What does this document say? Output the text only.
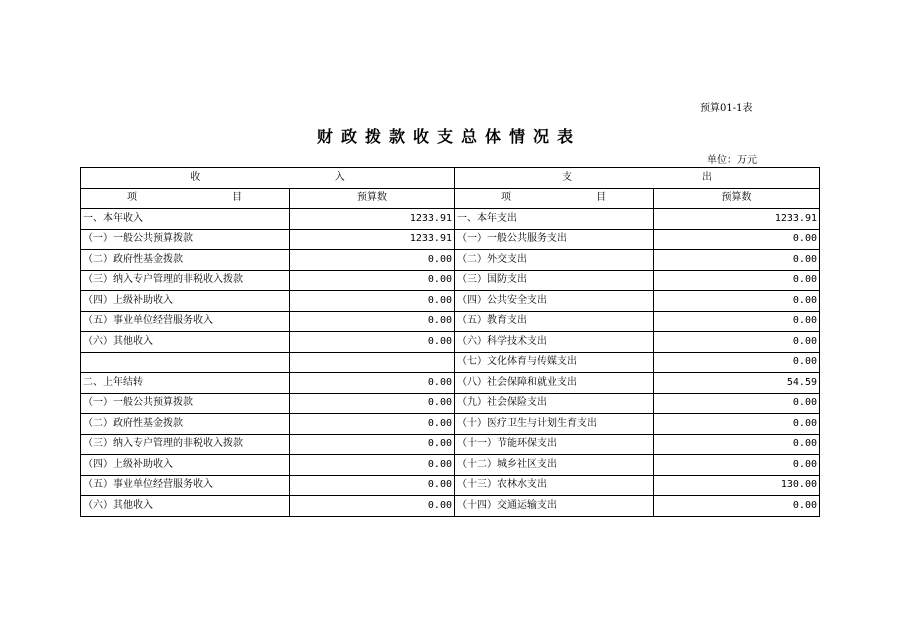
预算01-1表
财政拨款收支总体情况表
单位：万元
收 入		支 出	

项 目	预算数	项 目	预算数
一、本年收入	1233.91	一、本年支出	1233.91
（一）一般公共预算拨款	1233.91	（一）一般公共服务支出	0.00
（二）政府性基金拨款	0.00	（二）外交支出	0.00
（三）纳入专户管理的非税收入拨款	0.00	（三）国防支出	0.00
（四）上级补助收入	0.00	（四）公共安全支出	0.00
（五）事业单位经营服务收入	0.00	（五）教育支出	0.00
（六）其他收入	0.00	（六）科学技术支出	0.00
		（七）文化体育与传媒支出	0.00
二、上年结转	0.00	（八）社会保障和就业支出	54.59
（一）一般公共预算拨款	0.00	（九）社会保险支出	0.00
（二）政府性基金拨款	0.00	（十）医疗卫生与计划生育支出	0.00
（三）纳入专户管理的非税收入拨款	0.00	（十一）节能环保支出	0.00
（四）上级补助收入	0.00	（十二）城乡社区支出	0.00
（五）事业单位经营服务收入	0.00	（十三）农林水支出	130.00
（六）其他收入	0.00	（十四）交通运输支出	0.00
